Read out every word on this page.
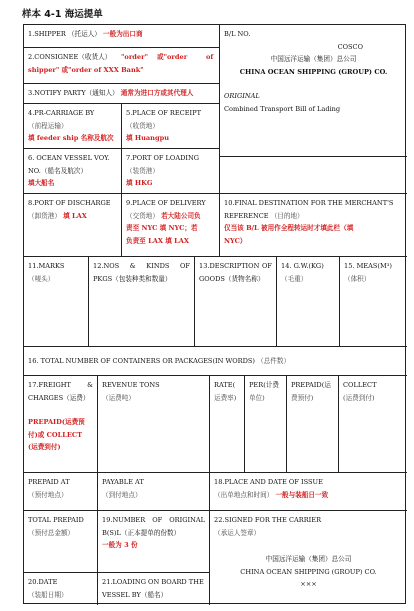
样本 4-1 海运提单
1.SHIPPER （托运人） 一般为出口商	B/L NO.
COSCO
中国远洋运输（集团）总公司
CHINA OCEAN SHIPPING (GROUP) CO.
ORIGINAL
Combined Transport Bill of Lading
2.CONSIGNEE（收货人） "order" 或"order	of
shipper" 或"order of XXX Bank"
3.NOTIFY PARTY（通知人） 通常为进口方或其代理人
4.PR-CARRIAGE BY
（前程运输）
填 feeder ship 名称及航次
5.PLACE OF RECEIPT
（收货地）
填 Huangpu
6. OCEAN VESSEL VOY.
NO.（船名及航次）
填大船名
7.PORT OF LOADING
（装货港）
填 HKG
8.PORT OF DISCHARGE
（卸货港） 填 LAX
9.PLACE OF DELIVERY
（交货地） 若大陆公司负
责至 NYC 填 NYC；若
负责至 LAX 填 LAX
10.FINAL DESTINATION FOR THE MERCHANT'S
REFERENCE （目的地）
仅当该 B/L 被用作全程转运时才填此栏（填
NYC）
11.MARKS
（唛头）
12.NOS & KINDS OF
PKGS（包装种类和数量）
13.DESCRIPTION OF
GOODS（货物名称）
14. G.W.(KG)
（毛重）
15. MEAS(M³)
（体积）
16. TOTAL NUMBER OF CONTAINERS OR PACKAGES(IN WORDS) （总件数）
17.FREIGHT &
CHARGES（运费）
PREPAID(运费预
付)或 COLLECT
(运费到付)
REVENUE TONS
（运费吨）
RATE(
运费率)
PER(计费
单位)
PREPAID(运
费预付)
COLLECT
(运费到付)
PREPAID AT
（预付地点）
PAYABLE AT
（到付地点）
18.PLACE AND DATE OF ISSUE
（出单地点和时间） 一般与装船日一致
TOTAL PREPAID
（预付总金额）
19.NUMBER OF ORIGINAL
B(S)L（正本提单的份数）
一般为 3 份
22.SIGNED FOR THE CARRIER
（承运人签章）
中国远洋运输（集团）总公司
CHINA OCEAN SHIPPING (GROUP) CO.
×××
20.DATE
（装船日期）
21.LOADING ON BOARD THE
VESSEL BY（船名）
